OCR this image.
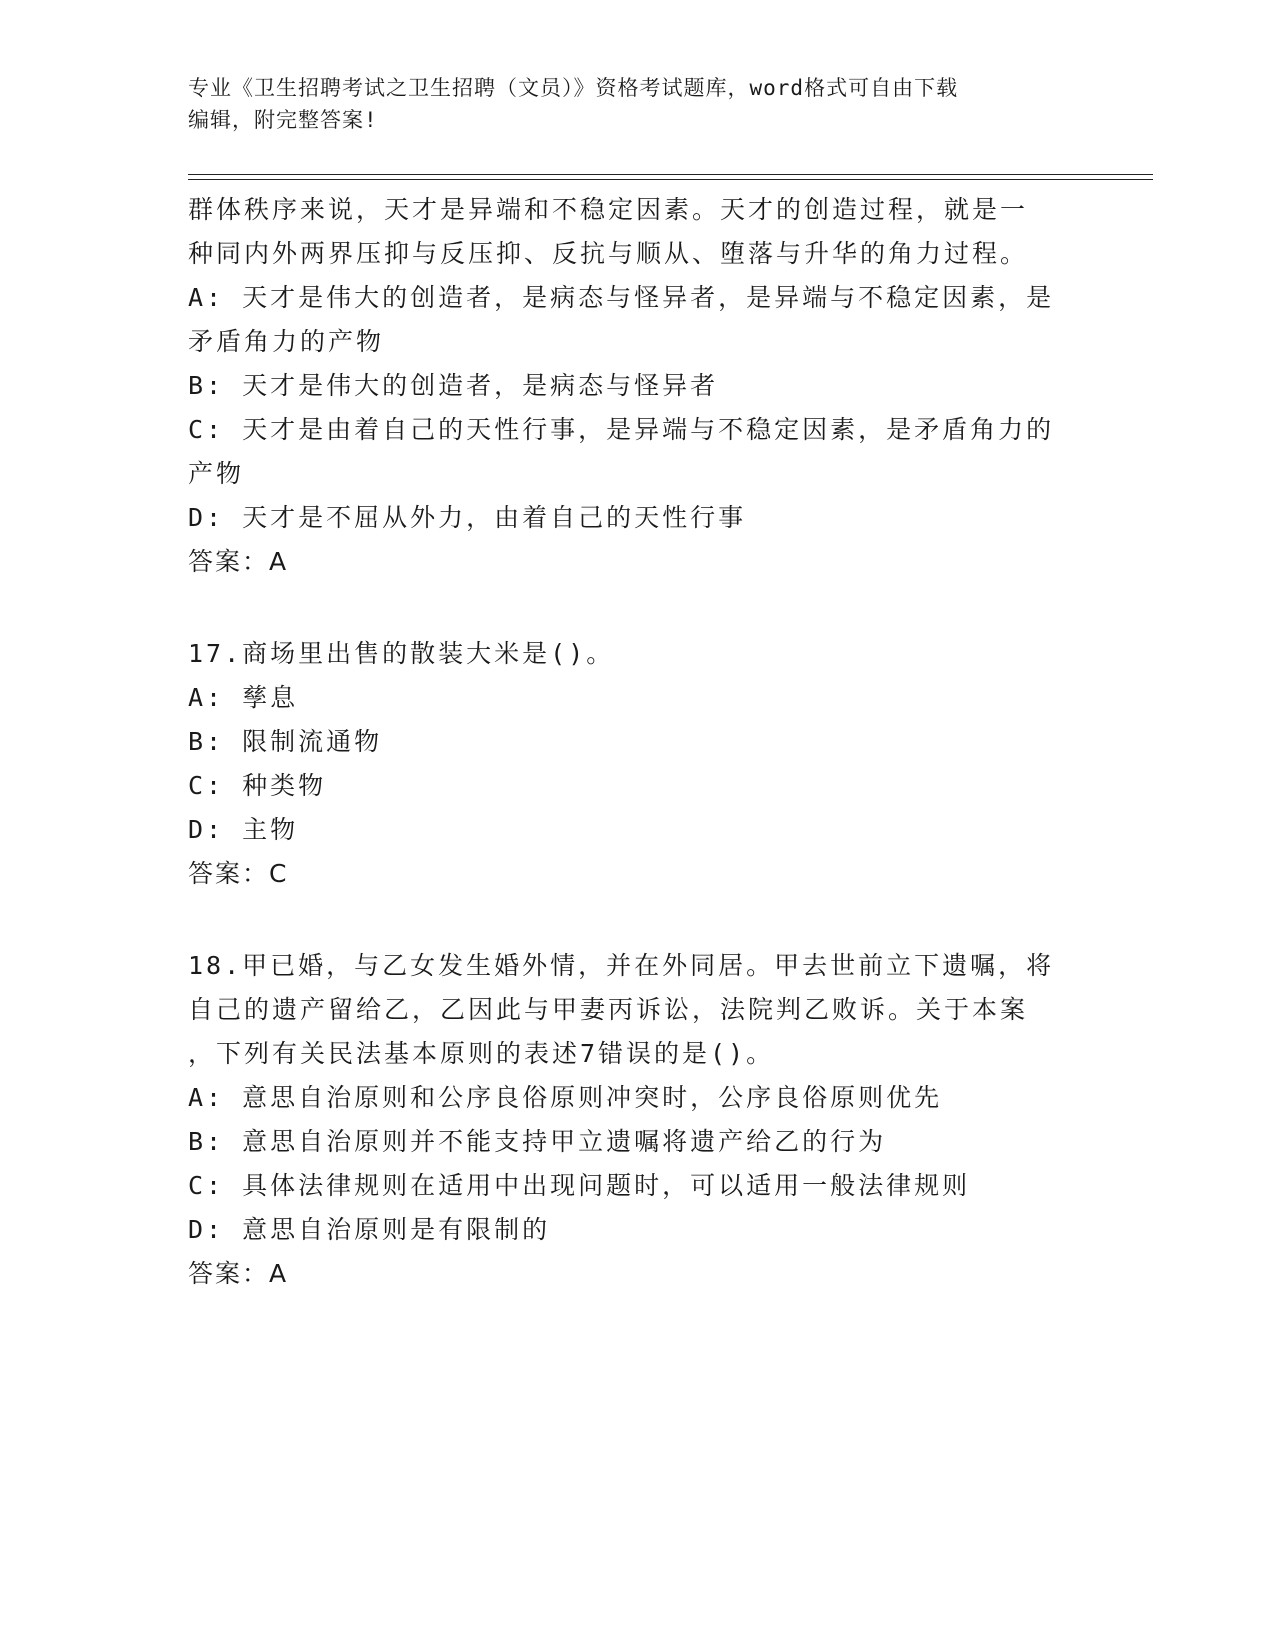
专业《卫生招聘考试之卫生招聘（文员）》资格考试题库，word格式可自由下载
编辑，附完整答案!
群体秩序来说，天才是异端和不稳定因素。天才的创造过程，就是一
种同内外两界压抑与反压抑、反抗与顺从、堕落与升华的角力过程。
A: 天才是伟大的创造者，是病态与怪异者，是异端与不稳定因素，是
矛盾角力的产物
B: 天才是伟大的创造者，是病态与怪异者
C: 天才是由着自己的天性行事，是异端与不稳定因素，是矛盾角力的
产物
D: 天才是不屈从外力，由着自己的天性行事
答案：A
17.商场里出售的散装大米是()。
A: 孳息
B: 限制流通物
C: 种类物
D: 主物
答案：C
18.甲已婚，与乙女发生婚外情，并在外同居。甲去世前立下遗嘱，将
自己的遗产留给乙，乙因此与甲妻丙诉讼，法院判乙败诉。关于本案
，下列有关民法基本原则的表述7错误的是()。
A: 意思自治原则和公序良俗原则冲突时，公序良俗原则优先
B: 意思自治原则并不能支持甲立遗嘱将遗产给乙的行为
C: 具体法律规则在适用中出现问题时，可以适用一般法律规则
D: 意思自治原则是有限制的
答案：A
